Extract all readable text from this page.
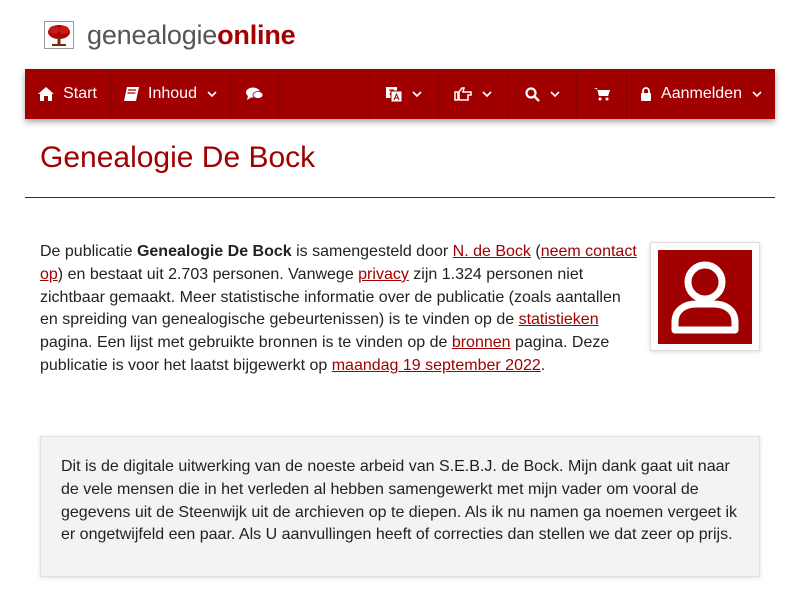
genealogieonline
Start	Inhoud	Aanmelden
Genealogie De Bock

De publicatie Genealogie De Bock is samengesteld door N. de Bock (neem contact op) en bestaat uit 2.703 personen. Vanwege privacy zijn 1.324 personen niet zichtbaar gemaakt. Meer statistische informatie over de publicatie (zoals aantallen en spreiding van genealogische gebeurtenissen) is te vinden op de statistieken pagina. Een lijst met gebruikte bronnen is te vinden op de bronnen pagina. Deze publicatie is voor het laatst bijgewerkt op maandag 19 september 2022.

Dit is de digitale uitwerking van de noeste arbeid van S.E.B.J. de Bock. Mijn dank gaat uit naar de vele mensen die in het verleden al hebben samengewerkt met mijn vader om vooral de gegevens uit de Steenwijk uit de archieven op te diepen. Als ik nu namen ga noemen vergeet ik er ongetwijfeld een paar. Als U aanvullingen heeft of correcties dan stellen we dat zeer op prijs.
